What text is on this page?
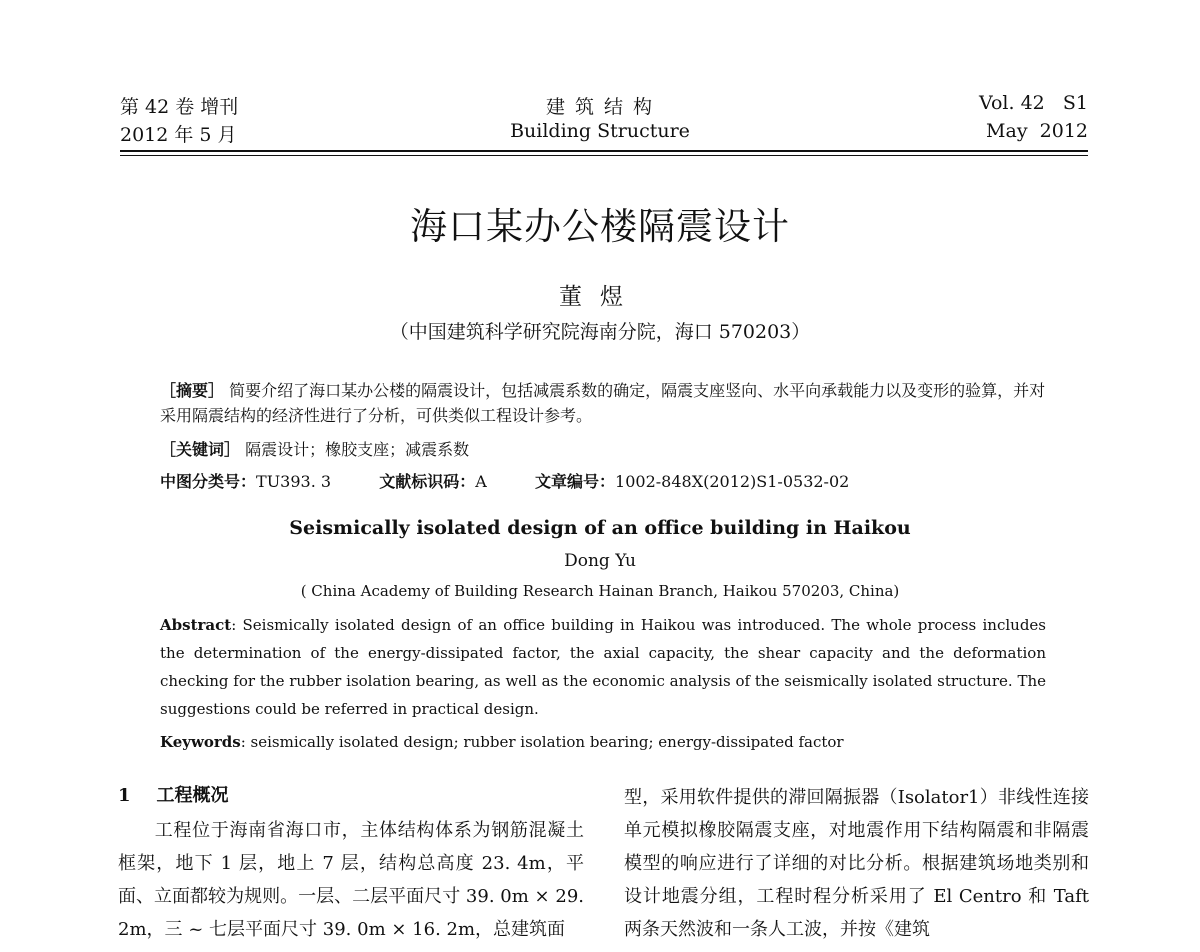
第 42 卷 增刊
2012 年 5 月
建 筑 结 构
Building Structure
Vol. 42   S1
May  2012
海口某办公楼隔震设计
董煜
（中国建筑科学研究院海南分院，海口 570203）
［摘要］ 简要介绍了海口某办公楼的隔震设计，包括减震系数的确定，隔震支座竖向、水平向承载能力以及变形的验算，并对采用隔震结构的经济性进行了分析，可供类似工程设计参考。
［关键词］ 隔震设计；橡胶支座；减震系数
中图分类号：TU393. 3	文献标识码：A	文章编号：1002-848X(2012)S1-0532-02
Seismically isolated design of an office building in Haikou
Dong Yu
( China Academy of Building Research Hainan Branch, Haikou 570203, China)
Abstract: Seismically isolated design of an office building in Haikou was introduced. The whole process includes the determination of the energy-dissipated factor, the axial capacity, the shear capacity and the deformation checking for the rubber isolation bearing, as well as the economic analysis of the seismically isolated structure. The suggestions could be referred in practical design.
Keywords: seismically isolated design; rubber isolation bearing; energy-dissipated factor
1 工程概况
工程位于海南省海口市，主体结构体系为钢筋混凝土框架，地下 1 层，地上 7 层，结构总高度 23. 4m，平面、立面都较为规则。一层、二层平面尺寸 39. 0m × 29. 2m，三 ~ 七层平面尺寸 39. 0m × 16. 2m，总建筑面
型，采用软件提供的滞回隔振器（Isolator1）非线性连接单元模拟橡胶隔震支座，对地震作用下结构隔震和非隔震模型的响应进行了详细的对比分析。根据建筑场地类别和设计地震分组，工程时程分析采用了 El Centro 和 Taft 两条天然波和一条人工波，并按《建筑
